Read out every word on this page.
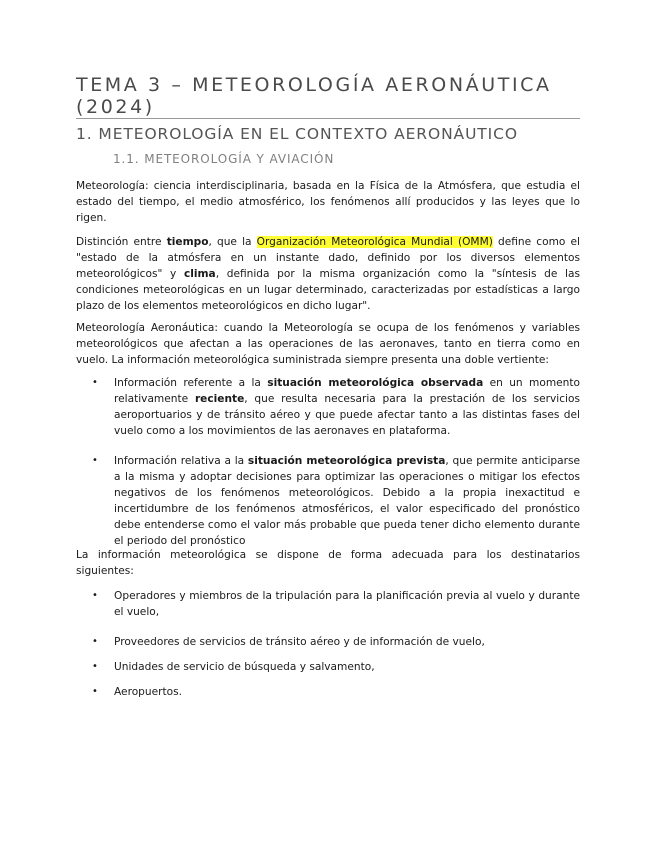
TEMA 3 – METEOROLOGÍA AERONÁUTICA (2024)
1. METEOROLOGÍA EN EL CONTEXTO AERONÁUTICO
1.1. METEOROLOGÍA Y AVIACIÓN

Meteorología: ciencia interdisciplinaria, basada en la Física de la Atmósfera, que estudia el estado del tiempo, el medio atmosférico, los fenómenos allí producidos y las leyes que lo rigen.

Distinción entre tiempo, que la Organización Meteorológica Mundial (OMM) define como el "estado de la atmósfera en un instante dado, definido por los diversos elementos meteorológicos" y clima, definida por la misma organización como la "síntesis de las condiciones meteorológicas en un lugar determinado, caracterizadas por estadísticas a largo plazo de los elementos meteorológicos en dicho lugar".

Meteorología Aeronáutica: cuando la Meteorología se ocupa de los fenómenos y variables meteorológicos que afectan a las operaciones de las aeronaves, tanto en tierra como en vuelo. La información meteorológica suministrada siempre presenta una doble vertiente:

• Información referente a la situación meteorológica observada en un momento relativamente reciente, que resulta necesaria para la prestación de los servicios aeroportuarios y de tránsito aéreo y que puede afectar tanto a las distintas fases del vuelo como a los movimientos de las aeronaves en plataforma.
• Información relativa a la situación meteorológica prevista, que permite anticiparse a la misma y adoptar decisiones para optimizar las operaciones o mitigar los efectos negativos de los fenómenos meteorológicos. Debido a la propia inexactitud e incertidumbre de los fenómenos atmosféricos, el valor especificado del pronóstico debe entenderse como el valor más probable que pueda tener dicho elemento durante el periodo del pronóstico

La información meteorológica se dispone de forma adecuada para los destinatarios siguientes:

• Operadores y miembros de la tripulación para la planificación previa al vuelo y durante el vuelo,
• Proveedores de servicios de tránsito aéreo y de información de vuelo,
• Unidades de servicio de búsqueda y salvamento,
• Aeropuertos.
